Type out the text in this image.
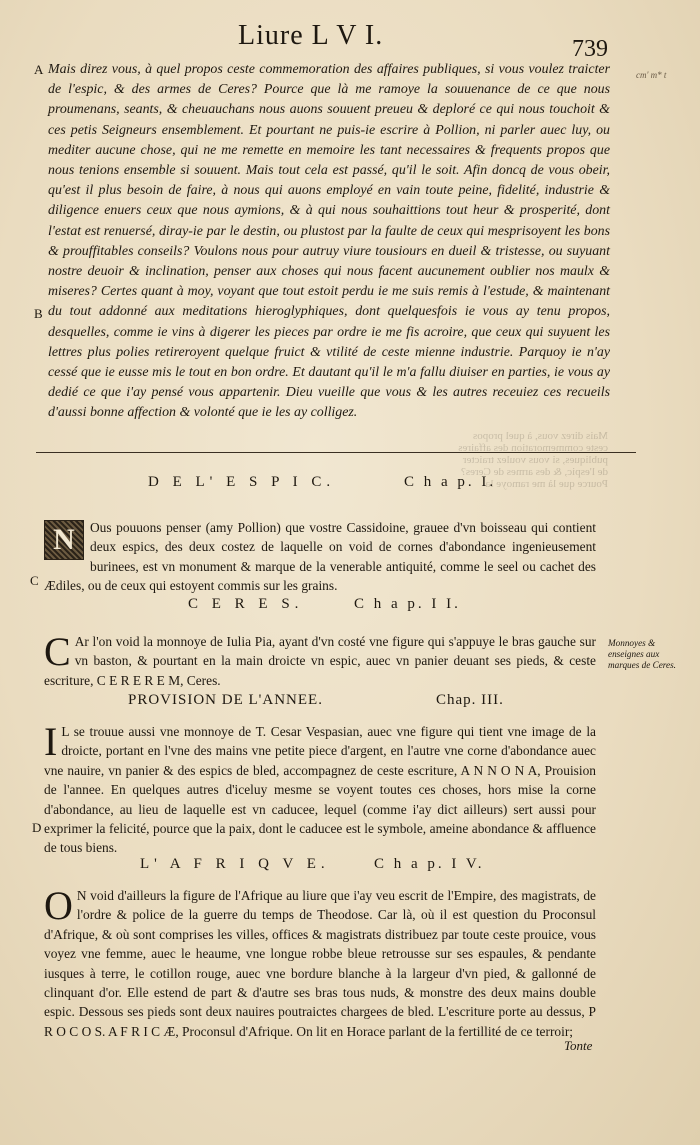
Liure L V I.	739
cm' m* t
A
B
C
D

Mais direz vous, à quel propos ceste commemoration des affaires publiques, si vous voulez traicter de l'espic, & des armes de Ceres? Pource que là me ramoye la souuenance de ce que nous proumenans, seants, & cheuauchans nous auons souuent preueu & deploré ce qui nous touchoit & ces petis Seigneurs ensemblement. Et pourtant ne puis-ie escrire à Pollion, ni parler auec luy, ou mediter aucune chose, qui ne me remette en memoire les tant necessaires & frequents propos que nous tenions ensemble si souuent. Mais tout cela est passé, qu'il le soit. Afin doncq de vous obeir, qu'est il plus besoin de faire, à nous qui auons employé en vain toute peine, fidelité, industrie & diligence enuers ceux que nous aymions, & à qui nous souhaittions tout heur & prosperité, dont l'estat est renuersé, diray-ie par le destin, ou plustost par la faulte de ceux qui mesprisoyent les bons & prouffitables conseils? Voulons nous pour autruy viure tousiours en dueil & tristesse, ou suyuant nostre deuoir & inclination, penser aux choses qui nous facent aucunement oublier nos maulx & miseres? Certes quant à moy, voyant que tout estoit perdu ie me suis remis à l'estude, & maintenant du tout addonné aux meditations hieroglyphiques, dont quelquesfois ie vous ay tenu propos, desquelles, comme ie vins à digerer les pieces par ordre ie me fis acroire, que ceux qui suyuent les lettres plus polies retireroyent quelque fruict & vtilité de ceste mienne industrie. Parquoy ie n'ay cessé que ie eusse mis le tout en bon ordre. Et dautant qu'il le m'a fallu diuiser en parties, ie vous ay dedié ce que i'ay pensé vous appartenir. Dieu vueille que vous & les autres receuiez ces recueils d'aussi bonne affection & volonté que ie les ay colligez.

Mais direz vous, à quel propos ceste commemoration des affaires publiques, si vous voulez traicter de l'espic, & des armes de Ceres? Pource que là me ramoye la
D E L' E S P I C.	C h a p. I.
N	Ous pouuons penser (amy Pollion) que vostre Cassidoine, grauee d'vn boisseau qui contient deux espics, des deux costez de laquelle on void de cornes d'abondance ingenieusement burinees, est vn monument & marque de la venerable antiquité, comme le seel ou cachet des Ædiles, ou de ceux qui estoyent commis sur les grains.

C E R E S.	C h a p. I I.
C Ar l'on void la monnoye de Iulia Pia, ayant d'vn costé vne figure qui s'appuye le bras gauche sur vn baston, & pourtant en la main droicte vn espic, auec vn panier deuant ses pieds, & ceste escriture, C E R E R E M, Ceres.

Monnoyes & enseignes aux marques de Ceres.
PROVISION DE L'ANNEE.	Chap. III.
I L se trouue aussi vne monnoye de T. Cesar Vespasian, auec vne figure qui tient vne image de la droicte, portant en l'vne des mains vne petite piece d'argent, en l'autre vne corne d'abondance auec vne nauire, vn panier & des espics de bled, accompagnez de ceste escriture, A N N O N A, Prouision de l'annee. En quelques autres d'iceluy mesme se voyent toutes ces choses, hors mise la corne d'abondance, au lieu de laquelle est vn caducee, lequel (comme i'ay dict ailleurs) sert aussi pour exprimer la felicité, pource que la paix, dont le caducee est le symbole, ameine abondance & affluence de tous biens.

L' A F R I Q V E.	C h a p. I V.
O N void d'ailleurs la figure de l'Afrique au liure que i'ay veu escrit de l'Empire, des magistrats, de l'ordre & police de la guerre du temps de Theodose. Car là, où il est question du Proconsul d'Afrique, & où sont comprises les villes, offices & magistrats distribuez par toute ceste prouice, vous voyez vne femme, auec le heaume, vne longue robbe bleue retrousse sur ses espaules, & pendante iusques à terre, le cotillon rouge, auec vne bordure blanche à la largeur d'vn pied, & gallonné de clinquant d'or. Elle estend de part & d'autre ses bras tous nuds, & monstre des deux mains double espic. Dessous ses pieds sont deux nauires poutraictes chargees de bled. L'escriture porte au dessus, P R O C O S. A F R I C Æ, Proconsul d'Afrique. On lit en Horace parlant de la fertillité de ce terroir;

Tonte
